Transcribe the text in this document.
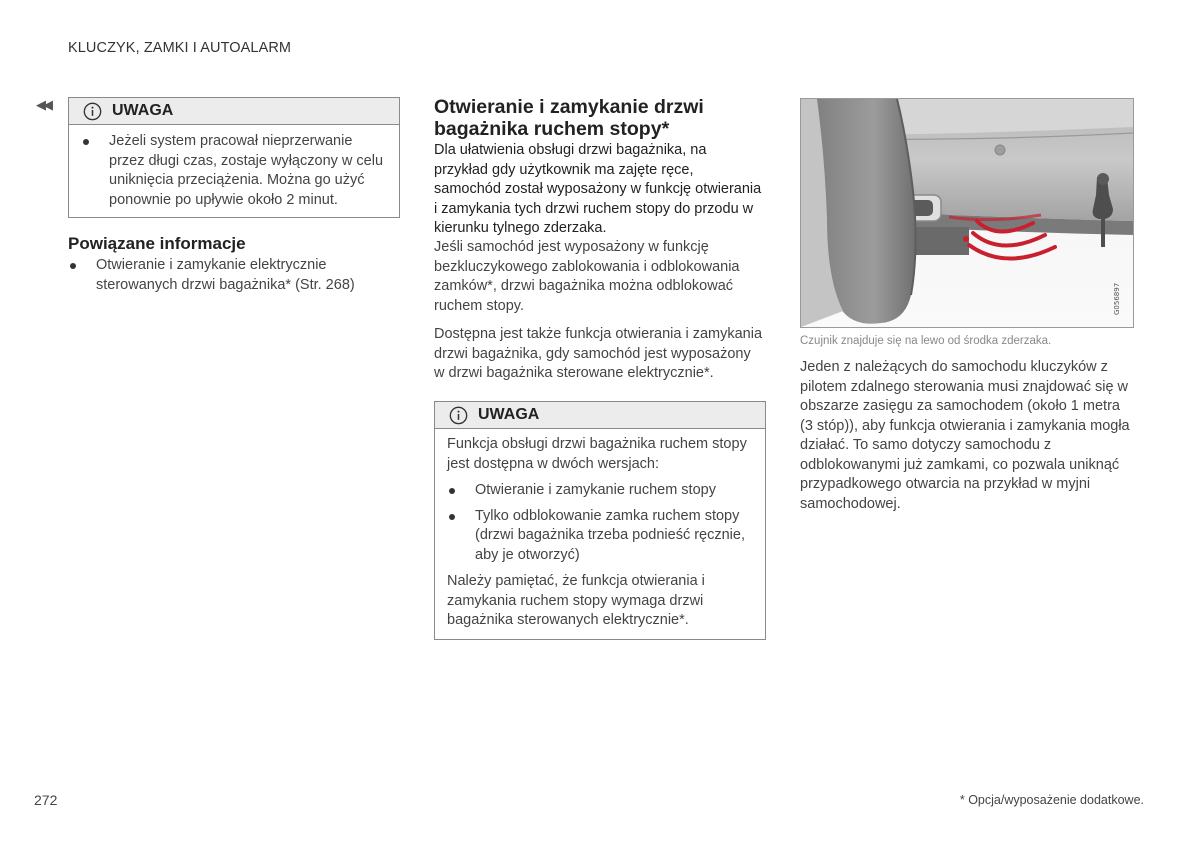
KLUCZYK, ZAMKI I AUTOALARM
◀◀	UWAGA
Jeżeli system pracował nieprzerwanie przez długi czas, zostaje wyłączony w celu uniknięcia przeciążenia. Można go użyć ponownie po upływie około 2 minut.
Powiązane informacje
Otwieranie i zamykanie elektrycznie sterowanych drzwi bagażnika* (Str. 268)
Otwieranie i zamykanie drzwi bagażnika ruchem stopy*

Dla ułatwienia obsługi drzwi bagażnika, na przykład gdy użytkownik ma zajęte ręce, samochód został wyposażony w funkcję otwierania i zamykania tych drzwi ruchem stopy do przodu w kierunku tylnego zderzaka.

Jeśli samochód jest wyposażony w funkcję bezkluczykowego zablokowania i odblokowania zamków*, drzwi bagażnika można odblokować ruchem stopy.

Dostępna jest także funkcja otwierania i zamykania drzwi bagażnika, gdy samochód jest wyposażony w drzwi bagażnika sterowane elektrycznie*.

UWAGA

Funkcja obsługi drzwi bagażnika ruchem stopy jest dostępna w dwóch wersjach:

Otwieranie i zamykanie ruchem stopy
Tylko odblokowanie zamka ruchem stopy (drzwi bagażnika trzeba podnieść ręcznie, aby je otworzyć)

Należy pamiętać, że funkcja otwierania i zamykania ruchem stopy wymaga drzwi bagażnika sterowanych elektrycznie*.

G056897
Czujnik znajduje się na lewo od środka zderzaka.

Jeden z należących do samochodu kluczyków z pilotem zdalnego sterowania musi znajdować się w obszarze zasięgu za samochodem (około 1 metra (3 stóp)), aby funkcja otwierania i zamykania mogła działać. To samo dotyczy samochodu z odblokowanymi już zamkami, co pozwala uniknąć przypadkowego otwarcia na przykład w myjni samochodowej.

272	* Opcja/wyposażenie dodatkowe.
